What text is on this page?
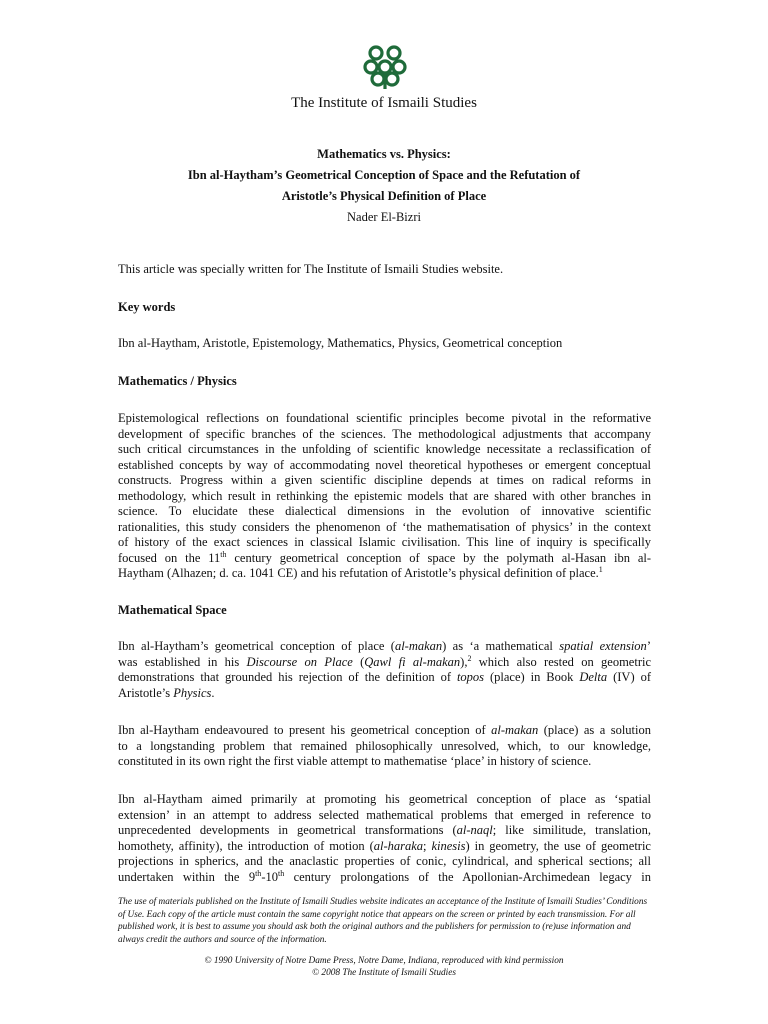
The Institute of Ismaili Studies
Mathematics vs. Physics:
Ibn al-Haytham’s Geometrical Conception of Space and the Refutation of
Aristotle’s Physical Definition of Place
Nader El-Bizri

This article was specially written for The Institute of Ismaili Studies website.

Key words

Ibn al-Haytham, Aristotle, Epistemology, Mathematics, Physics, Geometrical conception

Mathematics / Physics

Epistemological reflections on foundational scientific principles become pivotal in the reformative
development of specific branches of the sciences. The methodological adjustments that accompany
such critical circumstances in the unfolding of scientific knowledge necessitate a reclassification of
established concepts by way of accommodating novel theoretical hypotheses or emergent conceptual
constructs. Progress within a given scientific discipline depends at times on radical reforms in
methodology, which result in rethinking the epistemic models that are shared with other branches in
science. To elucidate these dialectical dimensions in the evolution of innovative scientific
rationalities, this study considers the phenomenon of ‘the mathematisation of physics’ in the context
of history of the exact sciences in classical Islamic civilisation. This line of inquiry is specifically
focused on the 11th century geometrical conception of space by the polymath al-Hasan ibn al-
Haytham (Alhazen; d. ca. 1041 CE) and his refutation of Aristotle’s physical definition of place.$^1$

Mathematical Space

Ibn al-Haytham’s geometrical conception of place (al-makan) as ‘a mathematical spatial extension’
was established in his Discourse on Place (Qawl fi al-makan),$^2$ which also rested on geometric
demonstrations that grounded his rejection of the definition of topos (place) in Book Delta (IV) of
Aristotle’s Physics.
Ibn al-Haytham endeavoured to present his geometrical conception of al-makan (place) as a solution
to a longstanding problem that remained philosophically unresolved, which, to our knowledge,
constituted in its own right the first viable attempt to mathematise ‘place’ in history of science.
Ibn al-Haytham aimed primarily at promoting his geometrical conception of place as ‘spatial
extension’ in an attempt to address selected mathematical problems that emerged in reference to
unprecedented developments in geometrical transformations (al-naql; like similitude, translation,
homothety, affinity), the introduction of motion (al-haraka; kinesis) in geometry, the use of geometric
projections in spherics, and the anaclastic properties of conic, cylindrical, and spherical sections; all
undertaken within the 9th-10th century prolongations of the Apollonian-Archimedean legacy in

The use of materials published on the Institute of Ismaili Studies website indicates an acceptance of the Institute of Ismaili Studies’ Conditions of Use. Each copy of the article must contain the same copyright notice that appears on the screen or printed by each transmission. For all published work, it is best to assume you should ask both the original authors and the publishers for permission to (re)use information and always credit the authors and source of the information.

© 1990 University of Notre Dame Press, Notre Dame, Indiana, reproduced with kind permission
© 2008 The Institute of Ismaili Studies
